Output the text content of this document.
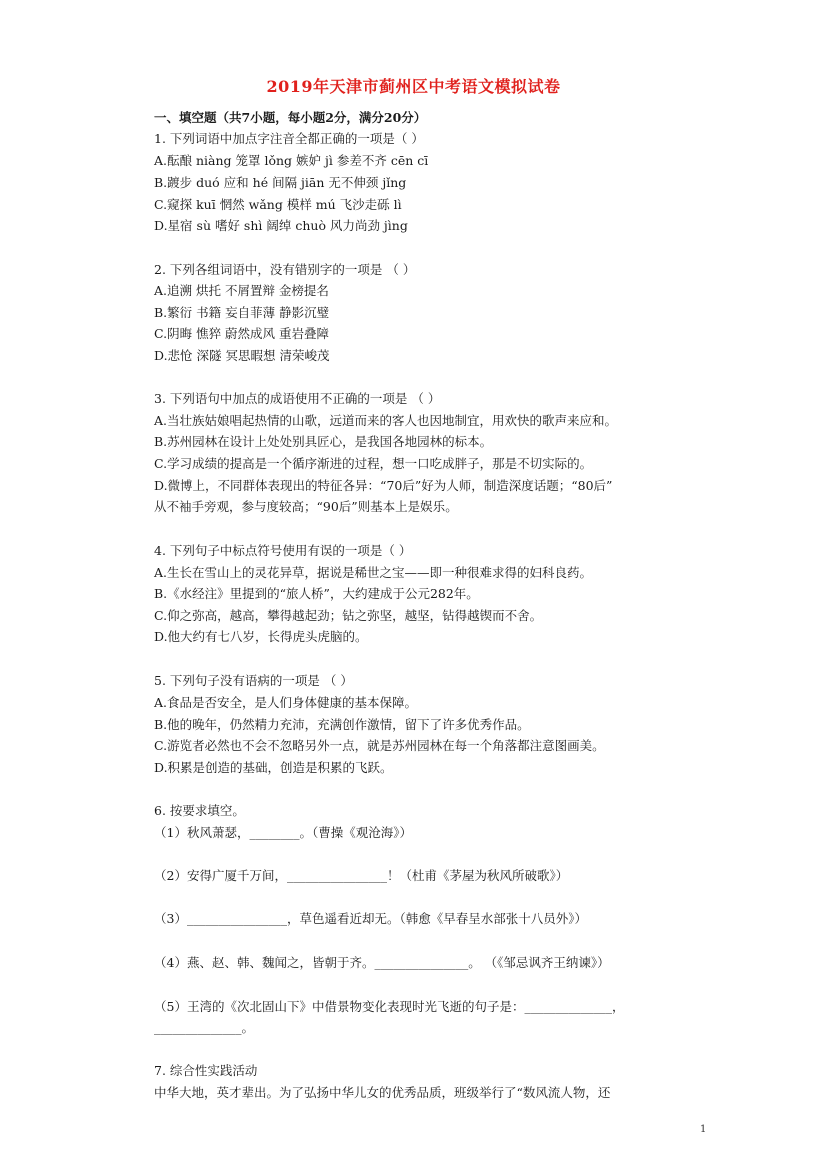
2019年天津市蓟州区中考语文模拟试卷
一、填空题（共7小题，每小题2分，满分20分）
1. 下列词语中加点字注音全都正确的一项是（ ）
A.酝酿 niàng 笼罩 lǒng 嫉妒 jì 参差不齐 cēn cī
B.踱步 duó 应和 hé 间隔 jiān 无不伸颈 jǐng
C.窥探 kuī 惘然 wǎng 模样 mú 飞沙走砾 lì
D.星宿 sù 嗜好 shì 阔绰 chuò 风力尚劲 jìng
2. 下列各组词语中，没有错别字的一项是 （ ）
A.追溯 烘托 不屑置辩 金榜提名
B.繁衍 书籍 妄自菲薄 静影沉璧
C.阴晦 憔猝 蔚然成风 重岩叠障
D.悲怆 深隧 冥思暇想 清荣峻茂
3. 下列语句中加点的成语使用不正确的一项是 （ ）
A.当壮族姑娘唱起热情的山歌，远道而来的客人也因地制宜，用欢快的歌声来应和。
B.苏州园林在设计上处处别具匠心，是我国各地园林的标本。
C.学习成绩的提高是一个循序渐进的过程，想一口吃成胖子，那是不切实际的。
D.微博上，不同群体表现出的特征各异：“70后”好为人师，制造深度话题；“80后”
从不袖手旁观，参与度较高；“90后”则基本上是娱乐。
4. 下列句子中标点符号使用有误的一项是（ ）
A.生长在雪山上的灵花异草，据说是稀世之宝——即一种很难求得的妇科良药。
B.《水经注》里提到的“旅人桥”，大约建成于公元282年。
C.仰之弥高，越高，攀得越起劲；钻之弥坚，越坚，钻得越锲而不舍。
D.他大约有七八岁，长得虎头虎脑的。
5. 下列句子没有语病的一项是 （ ）
A.食品是否安全，是人们身体健康的基本保障。
B.他的晚年，仍然精力充沛，充满创作激情，留下了许多优秀作品。
C.游览者必然也不会不忽略另外一点，就是苏州园林在每一个角落都注意图画美。
D.积累是创造的基础，创造是积累的飞跃。
6. 按要求填空。
（1）秋风萧瑟，________。（曹操《观沧海》）
（2）安得广厦千万间，________________！（杜甫《茅屋为秋风所破歌》）
（3）________________，草色遥看近却无。（韩愈《早春呈水部张十八员外》）
（4）燕、赵、韩、魏闻之，皆朝于齐。_______________。 （《邹忌讽齐王纳谏》）
（5）王湾的《次北固山下》中借景物变化表现时光飞逝的句子是：______________，
______________。
7. 综合性实践活动
中华大地，英才辈出。为了弘扬中华儿女的优秀品质，班级举行了“数风流人物，还
1
